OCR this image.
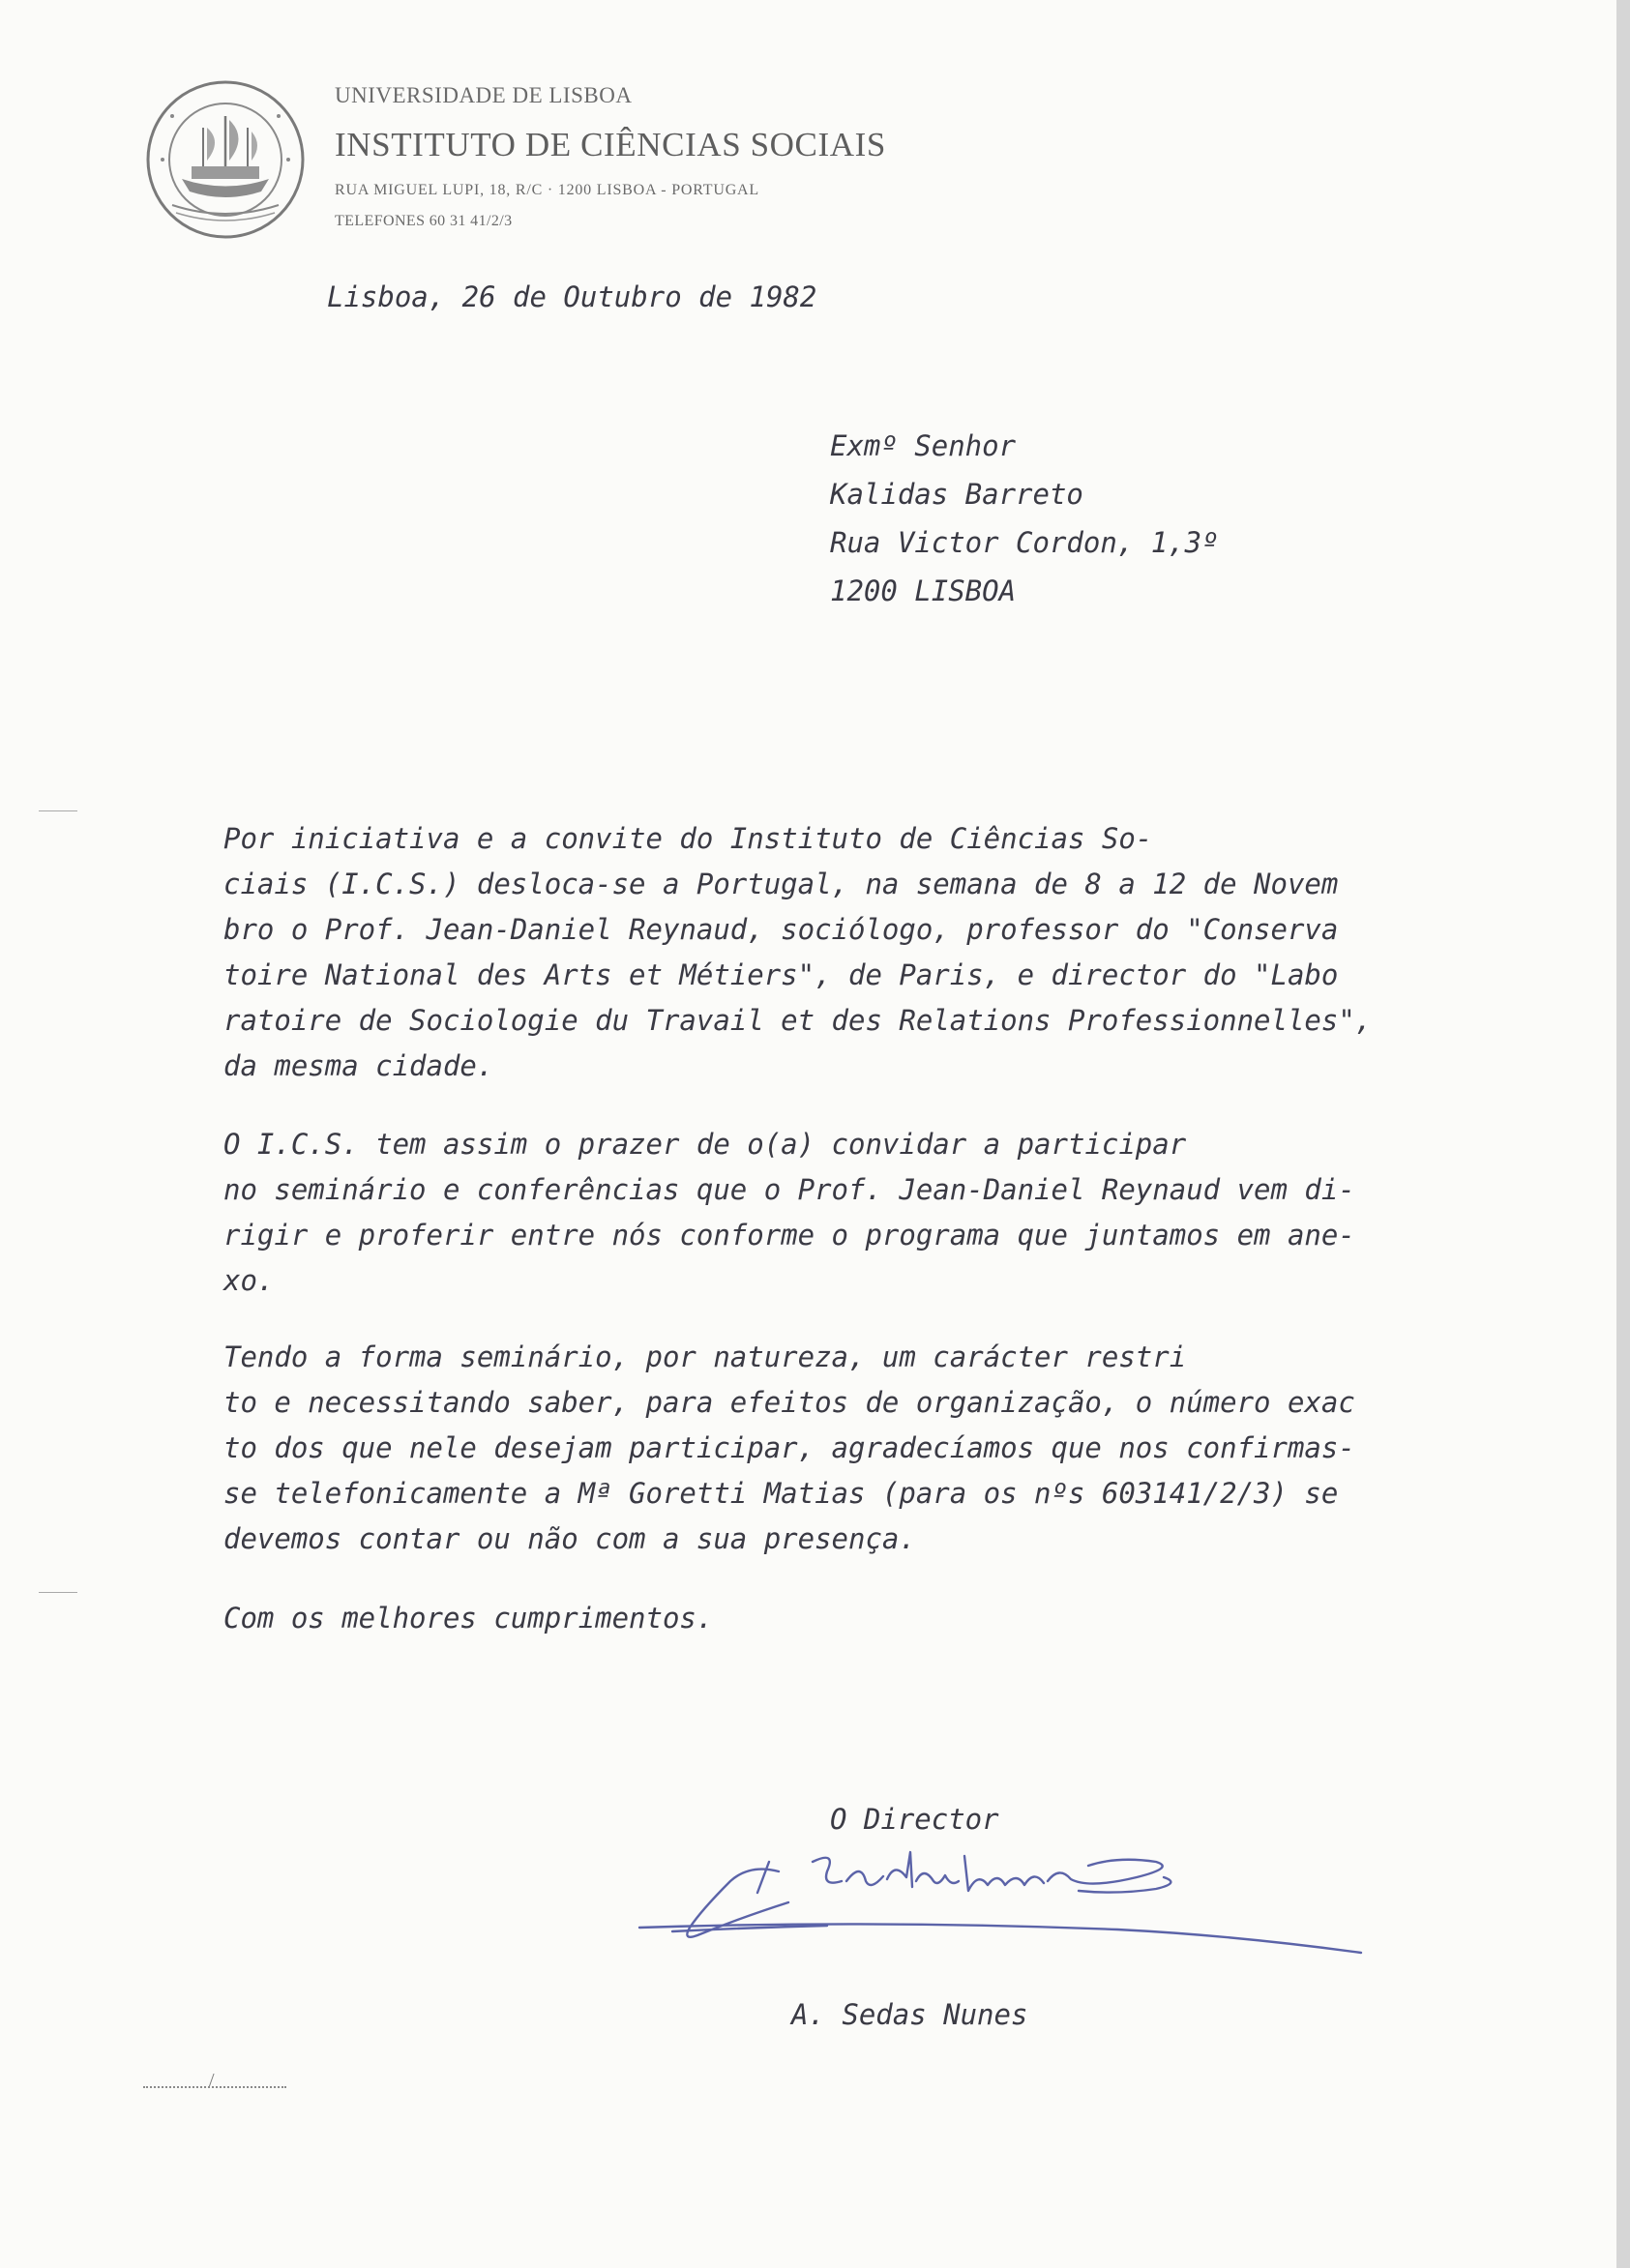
UNIVERSIDADE DE LISBOA

INSTITUTO DE CIÊNCIAS SOCIAIS

RUA MIGUEL LUPI, 18, R/C · 1200 LISBOA - PORTUGAL

TELEFONES 60 31 41/2/3

Lisboa, 26 de Outubro de 1982

Exmº Senhor

Kalidas Barreto

Rua Victor Cordon, 1,3º

1200 LISBOA

Por iniciativa e a convite do Instituto de Ciências So-

ciais (I.C.S.) desloca-se a Portugal, na semana de 8 a 12 de Novem

bro o Prof. Jean-Daniel Reynaud, sociólogo, professor do "Conserva

toire National des Arts et Métiers", de Paris, e director do "Labo

ratoire de Sociologie du Travail et des Relations Professionnelles",

da mesma cidade.

O I.C.S. tem assim o prazer de o(a) convidar a participar

no seminário e conferências que o Prof. Jean-Daniel Reynaud vem di-

rigir e proferir entre nós conforme o programa que juntamos em ane-

xo.

Tendo a forma seminário, por natureza, um carácter restri

to e necessitando saber, para efeitos de organização, o número exac

to dos que nele desejam participar, agradecíamos que nos confirmas-

se telefonicamente a Mª Goretti Matias (para os nºs 603141/2/3) se

devemos contar ou não com a sua presença.

Com os melhores cumprimentos.

O Director

A. Sedas Nunes

/
